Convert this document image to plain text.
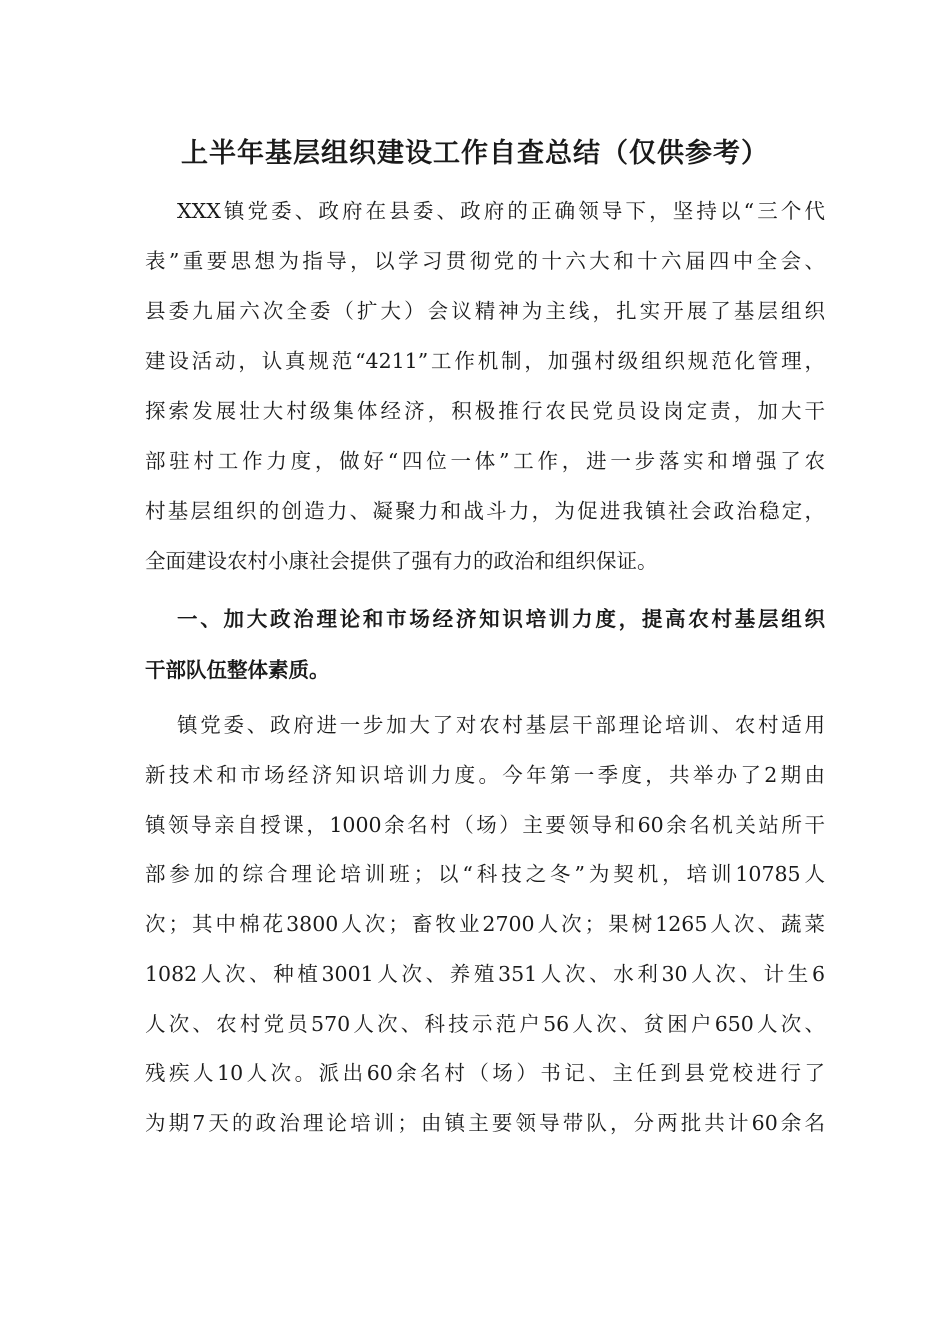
上半年基层组织建设工作自查总结（仅供参考）

XXX镇党委、政府在县委、政府的正确领导下，坚持以“三个代

表”重要思想为指导，以学习贯彻党的十六大和十六届四中全会、

县委九届六次全委（扩大）会议精神为主线，扎实开展了基层组织

建设活动，认真规范“4211”工作机制，加强村级组织规范化管理，

探索发展壮大村级集体经济，积极推行农民党员设岗定责，加大干

部驻村工作力度，做好“四位一体”工作，进一步落实和增强了农

村基层组织的创造力、凝聚力和战斗力，为促进我镇社会政治稳定，

全面建设农村小康社会提供了强有力的政治和组织保证。

一、加大政治理论和市场经济知识培训力度，提高农村基层组织

干部队伍整体素质。

镇党委、政府进一步加大了对农村基层干部理论培训、农村适用

新技术和市场经济知识培训力度。今年第一季度，共举办了2期由

镇领导亲自授课，1000余名村（场）主要领导和60余名机关站所干

部参加的综合理论培训班；以“科技之冬”为契机，培训10785人

次；其中棉花3800人次；畜牧业2700人次；果树1265人次、蔬菜

1082人次、种植3001人次、养殖351人次、水利30人次、计生6

人次、农村党员570人次、科技示范户56人次、贫困户650人次、

残疾人10人次。派出60余名村（场）书记、主任到县党校进行了

为期7天的政治理论培训；由镇主要领导带队，分两批共计60余名
